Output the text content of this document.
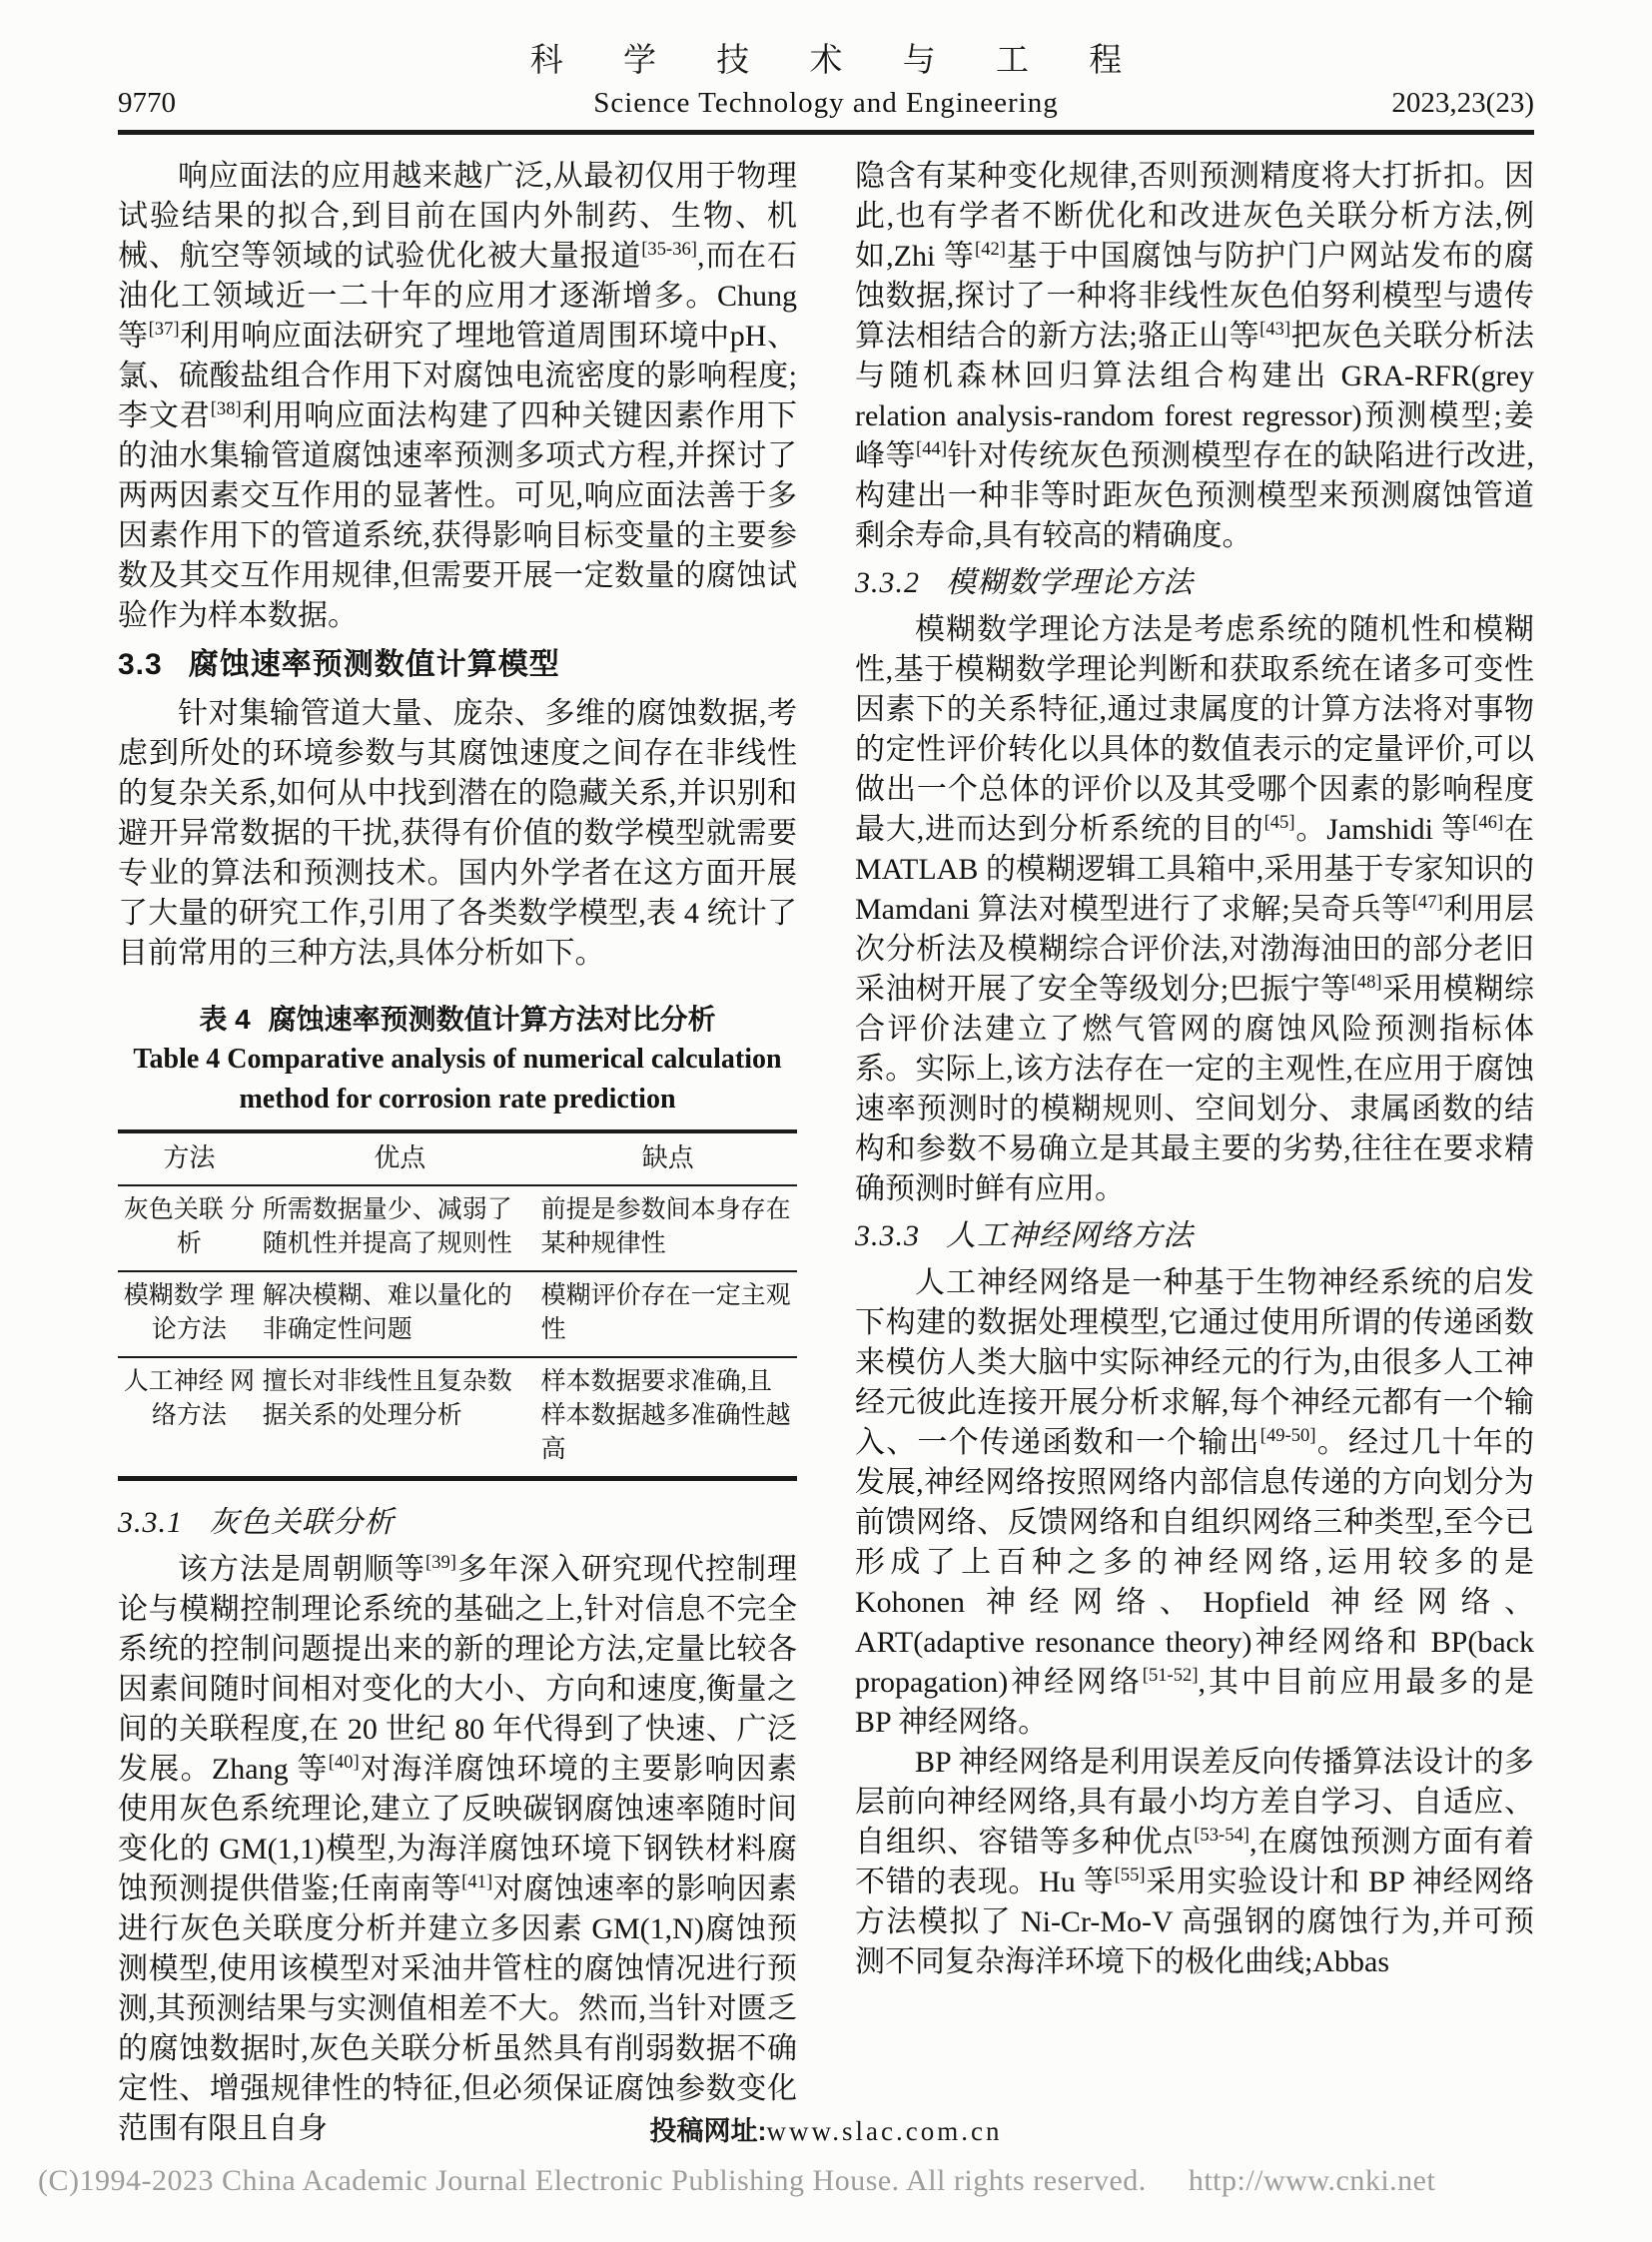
科 学 技 术 与 工 程
9770	Science Technology and Engineering	2023,23(23)

响应面法的应用越来越广泛,从最初仅用于物理试验结果的拟合,到目前在国内外制药、生物、机械、航空等领域的试验优化被大量报道[35-36],而在石油化工领域近一二十年的应用才逐渐增多。Chung 等[37]利用响应面法研究了埋地管道周围环境中pH、氯、硫酸盐组合作用下对腐蚀电流密度的影响程度;李文君[38]利用响应面法构建了四种关键因素作用下的油水集输管道腐蚀速率预测多项式方程,并探讨了两两因素交互作用的显著性。可见,响应面法善于多因素作用下的管道系统,获得影响目标变量的主要参数及其交互作用规律,但需要开展一定数量的腐蚀试验作为样本数据。

3.3 腐蚀速率预测数值计算模型

针对集输管道大量、庞杂、多维的腐蚀数据,考虑到所处的环境参数与其腐蚀速度之间存在非线性的复杂关系,如何从中找到潜在的隐藏关系,并识别和避开异常数据的干扰,获得有价值的数学模型就需要专业的算法和预测技术。国内外学者在这方面开展了大量的研究工作,引用了各类数学模型,表 4 统计了目前常用的三种方法,具体分析如下。

表 4 腐蚀速率预测数值计算方法对比分析
Table 4 Comparative analysis of numerical calculation
method for corrosion rate prediction
方法	优点	缺点
灰色关联 分析	所需数据量少、减弱了随机性并提高了规则性	前提是参数间本身存在某种规律性
模糊数学 理论方法	解决模糊、难以量化的非确定性问题	模糊评价存在一定主观性
人工神经 网络方法	擅长对非线性且复杂数据关系的处理分析	样本数据要求准确,且样本数据越多准确性越高
3.3.1 灰色关联分析

该方法是周朝顺等[39]多年深入研究现代控制理论与模糊控制理论系统的基础之上,针对信息不完全系统的控制问题提出来的新的理论方法,定量比较各因素间随时间相对变化的大小、方向和速度,衡量之间的关联程度,在 20 世纪 80 年代得到了快速、广泛发展。Zhang 等[40]对海洋腐蚀环境的主要影响因素使用灰色系统理论,建立了反映碳钢腐蚀速率随时间变化的 GM(1,1)模型,为海洋腐蚀环境下钢铁材料腐蚀预测提供借鉴;任南南等[41]对腐蚀速率的影响因素进行灰色关联度分析并建立多因素 GM(1,N)腐蚀预测模型,使用该模型对采油井管柱的腐蚀情况进行预测,其预测结果与实测值相差不大。然而,当针对匮乏的腐蚀数据时,灰色关联分析虽然具有削弱数据不确定性、增强规律性的特征,但必须保证腐蚀参数变化范围有限且自身

隐含有某种变化规律,否则预测精度将大打折扣。因此,也有学者不断优化和改进灰色关联分析方法,例如,Zhi 等[42]基于中国腐蚀与防护门户网站发布的腐蚀数据,探讨了一种将非线性灰色伯努利模型与遗传算法相结合的新方法;骆正山等[43]把灰色关联分析法与随机森林回归算法组合构建出 GRA-RFR(grey relation analysis-random forest regressor)预测模型;姜峰等[44]针对传统灰色预测模型存在的缺陷进行改进,构建出一种非等时距灰色预测模型来预测腐蚀管道剩余寿命,具有较高的精确度。

3.3.2 模糊数学理论方法

模糊数学理论方法是考虑系统的随机性和模糊性,基于模糊数学理论判断和获取系统在诸多可变性因素下的关系特征,通过隶属度的计算方法将对事物的定性评价转化以具体的数值表示的定量评价,可以做出一个总体的评价以及其受哪个因素的影响程度最大,进而达到分析系统的目的[45]。Jamshidi 等[46]在 MATLAB 的模糊逻辑工具箱中,采用基于专家知识的 Mamdani 算法对模型进行了求解;吴奇兵等[47]利用层次分析法及模糊综合评价法,对渤海油田的部分老旧采油树开展了安全等级划分;巴振宁等[48]采用模糊综合评价法建立了燃气管网的腐蚀风险预测指标体系。实际上,该方法存在一定的主观性,在应用于腐蚀速率预测时的模糊规则、空间划分、隶属函数的结构和参数不易确立是其最主要的劣势,往往在要求精确预测时鲜有应用。

3.3.3 人工神经网络方法

人工神经网络是一种基于生物神经系统的启发下构建的数据处理模型,它通过使用所谓的传递函数来模仿人类大脑中实际神经元的行为,由很多人工神经元彼此连接开展分析求解,每个神经元都有一个输入、一个传递函数和一个输出[49-50]。经过几十年的发展,神经网络按照网络内部信息传递的方向划分为前馈网络、反馈网络和自组织网络三种类型,至今已形成了上百种之多的神经网络,运用较多的是 Kohonen 神经网络、Hopfield 神经网络、ART(adaptive resonance theory)神经网络和 BP(back propagation)神经网络[51-52],其中目前应用最多的是 BP 神经网络。

BP 神经网络是利用误差反向传播算法设计的多层前向神经网络,具有最小均方差自学习、自适应、自组织、容错等多种优点[53-54],在腐蚀预测方面有着不错的表现。Hu 等[55]采用实验设计和 BP 神经网络方法模拟了 Ni-Cr-Mo-V 高强钢的腐蚀行为,并可预测不同复杂海洋环境下的极化曲线;Abbas

投稿网址:www.slac.com.cn
(C)1994-2023 China Academic Journal Electronic Publishing House. All rights reserved. http://www.cnki.net
